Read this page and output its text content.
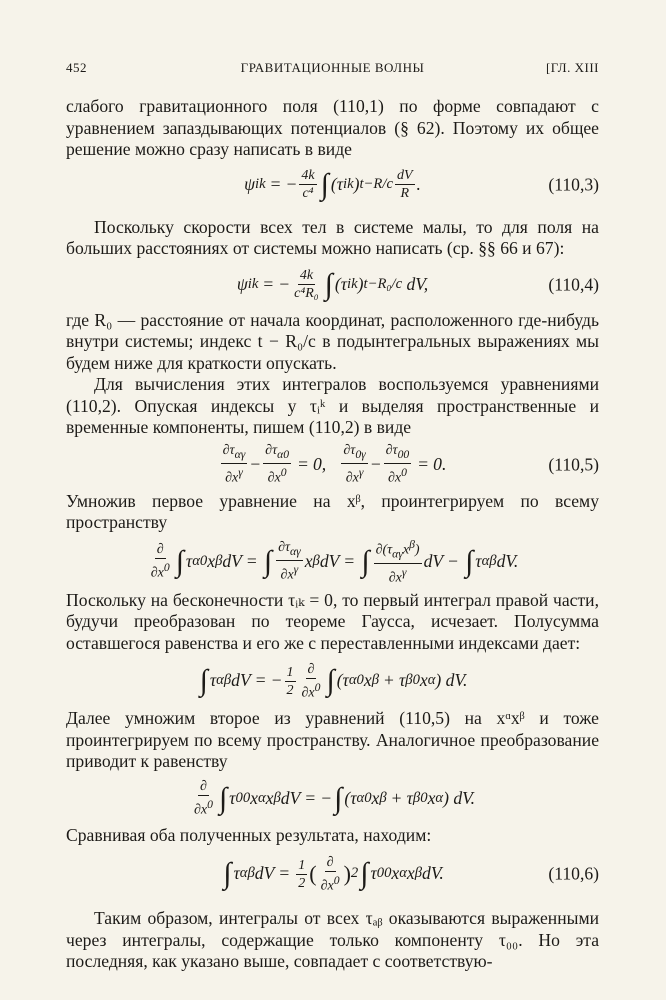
452	ГРАВИТАЦИОННЫЕ ВОЛНЫ	[ГЛ. XIII
слабого гравитационного поля (110,1) по форме совпадают с уравнением запаздывающих потенциалов (§ 62). Поэтому их общее решение можно сразу написать в виде
ψ i k = − $\frac{4k}{\text{c⁴}}$ ∫ (τ i k ) t−R/c
dV
R .	(110,3)
Поскольку скорости всех тел в системе малы, то для поля на больших расстояниях от системы можно написать (ср. §§ 66 и 67):
ψ i k = − $\frac{4k}{\text{c⁴R₀}}$ ∫ (τ i k ) t−R₀/c dV,	(110,4)
где R₀ — расстояние от начала координат, расположенного где-нибудь внутри системы; индекс t − R₀/c в подынтегральных выражениях мы будем ниже для краткости опускать.
Для вычисления этих интегралов воспользуемся уравнениями (110,2). Опуская индексы у τᵢᵏ и выделяя пространственные и временные компоненты, пишем (110,2) в виде
$\partial\tau_{\alpha\gamma}$
$\partial x^\gamma - \frac{\partial\tau_{\alpha 0}}{\partial x^0} = 0$, $\frac{\partial\tau_{0\gamma}}{\partial x^\gamma} - \frac{\partial\tau_{00}}{\partial x^0} = 0$.	(110,5)
Умножив первое уравнение на xᵝ, проинтегрируем по всему пространству
∂
$\partial x^0$ ∫ τ α0 x β dV = ∫ $\partial\tau_{\alpha\gamma}$
$\partial x^\gamma$ x β dV = ∫ $\partial(\tau_{\alpha\gamma}x^\beta)$
$\partial x^\gamma$
dV − ∫ τ αβ dV.
Поскольку на бесконечности τᵢₖ = 0, то первый интеграл правой части, будучи преобразован по теореме Гаусса, исчезает. Полусумма оставшегося равенства и его же с переставленными индексами дает:
∫ τ αβ dV = − $\frac{1}{2}$ ∂
$\partial x^0$ ∫ (τ α0 x β + τ β0 x α ) dV.
Далее умножим второе из уравнений (110,5) на xᵅxᵝ и тоже проинтегрируем по всему пространству. Аналогичное преобразование приводит к равенству
∂
$\partial x^0$ ∫ τ 00 x α x β dV = − ∫ (τ α0 x β + τ β0 x α ) dV.
Сравнивая оба полученных результата, находим:
∫ τ αβ dV = $\frac{1}{2}$ ( ∂
$\partial x^0$ ) 2 ∫ τ 00 x α x β dV.	(110,6)
Таким образом, интегралы от всех τₐᵦ оказываются выраженными через интегралы, содержащие только компоненту τ₀₀. Но эта последняя, как указано выше, совпадает с соответствую-
